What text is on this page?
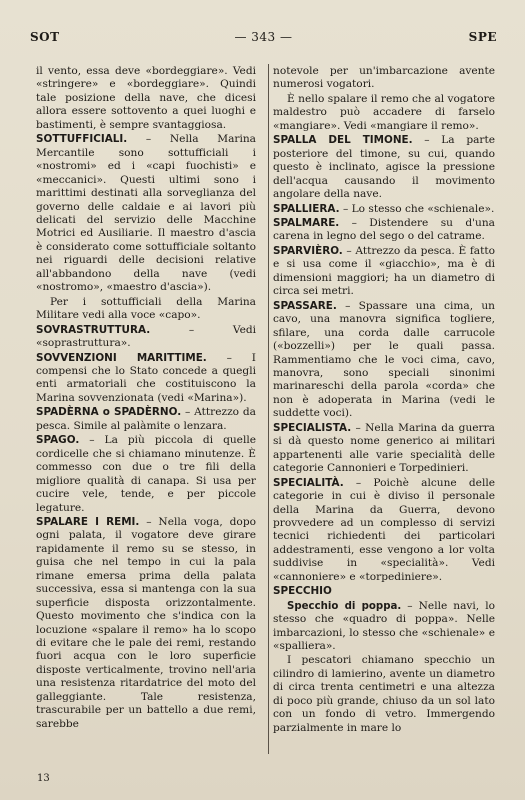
SOT	— 343 —	SPE

il vento, essa deve «bordeggiare». Vedi «stringere» e «bordeggiare». Quindi tale posizione della nave, che dicesi allora essere sottovento a quei luoghi e bastimenti, è sempre svantaggiosa.

SOTTUFFICIALI. – Nella Marina Mercantile sono sottufficiali i «nostromi» ed i «capi fuochisti» e «meccanici». Questi ultimi sono i marittimi destinati alla sorveglianza del governo delle caldaie e ai lavori più delicati del servizio delle Macchine Motrici ed Ausiliarie. Il maestro d'ascia è considerato come sottufficiale soltanto nei riguardi delle decisioni relative all'abbandono della nave (vedi «nostromo», «maestro d'ascia»).

Per i sottufficiali della Marina Militare vedi alla voce «capo».

SOVRASTRUTTURA.	– Vedi «soprastruttura».

SOVVENZIONI MARITTIME. – I compensi che lo Stato concede a quegli enti armatoriali che costituiscono la Marina sovvenzionata (vedi «Marina»).

SPADÈRNA o SPADÈRNO. – Attrezzo da pesca. Simile al palàmite o lenzara.

SPAGO. – La più piccola di quelle cordicelle che si chiamano minutenze. È commesso con due o tre fili della migliore qualità di canapa. Si usa per cucire vele, tende, e per piccole legature.

SPALARE I REMI. – Nella voga, dopo ogni palata, il vogatore deve girare rapidamente il remo su se stesso, in guisa che nel tempo in cui la pala rimane emersa prima della palata successiva, essa si mantenga con la sua superficie disposta orizzontalmente. Questo movimento che s'indica con la locuzione «spalare il remo» ha lo scopo di evitare che le pale dei remi, restando fuori acqua con le loro superficie disposte verticalmente, trovino nell'aria una resistenza ritardatrice del moto del galleggiante. Tale resistenza, trascurabile per un battello a due remi, sarebbe

notevole per un'imbarcazione avente numerosi vogatori.

È nello spalare il remo che al vogatore maldestro può accadere di farselo «mangiare». Vedi «mangiare il remo».

SPALLA DEL TIMONE. – La parte posteriore del timone, su cui, quando questo è inclinato, agisce la pressione dell'acqua causando il movimento angolare della nave.

SPALLIERA. – Lo stesso che «schienale».

SPALMARE. – Distendere su d'una carena in legno del sego o del catrame.

SPARVIÈRO. – Attrezzo da pesca. È fatto e si usa come il «giacchio», ma è di dimensioni maggiori; ha un diametro di circa sei metri.

SPASSARE. – Spassare una cima, un cavo, una manovra significa togliere, sfilare, una corda dalle carrucole («bozzelli») per le quali passa. Rammentiamo che le voci cima, cavo, manovra, sono speciali sinonimi marinareschi della parola «corda» che non è adoperata in Marina (vedi le suddette voci).

SPECIALISTA. – Nella Marina da guerra si dà questo nome generico ai militari appartenenti alle varie specialità delle categorie Cannonieri e Torpedinieri.

SPECIALITÀ. – Poichè alcune delle categorie in cui è diviso il personale della Marina da Guerra, devono provvedere ad un complesso di servizi tecnici richiedenti dei particolari addestramenti, esse vengono a lor volta suddivise in «specialità». Vedi «cannoniere» e «torpediniere».

SPECCHIO

Specchio di poppa. – Nelle navi, lo stesso che «quadro di poppa». Nelle imbarcazioni, lo stesso che «schienale» e «spalliera».

I pescatori chiamano specchio un cilindro di lamierino, avente un diametro di circa trenta centimetri e una altezza di poco più grande, chiuso da un sol lato con un fondo di vetro. Immergendo parzialmente in mare lo

13
